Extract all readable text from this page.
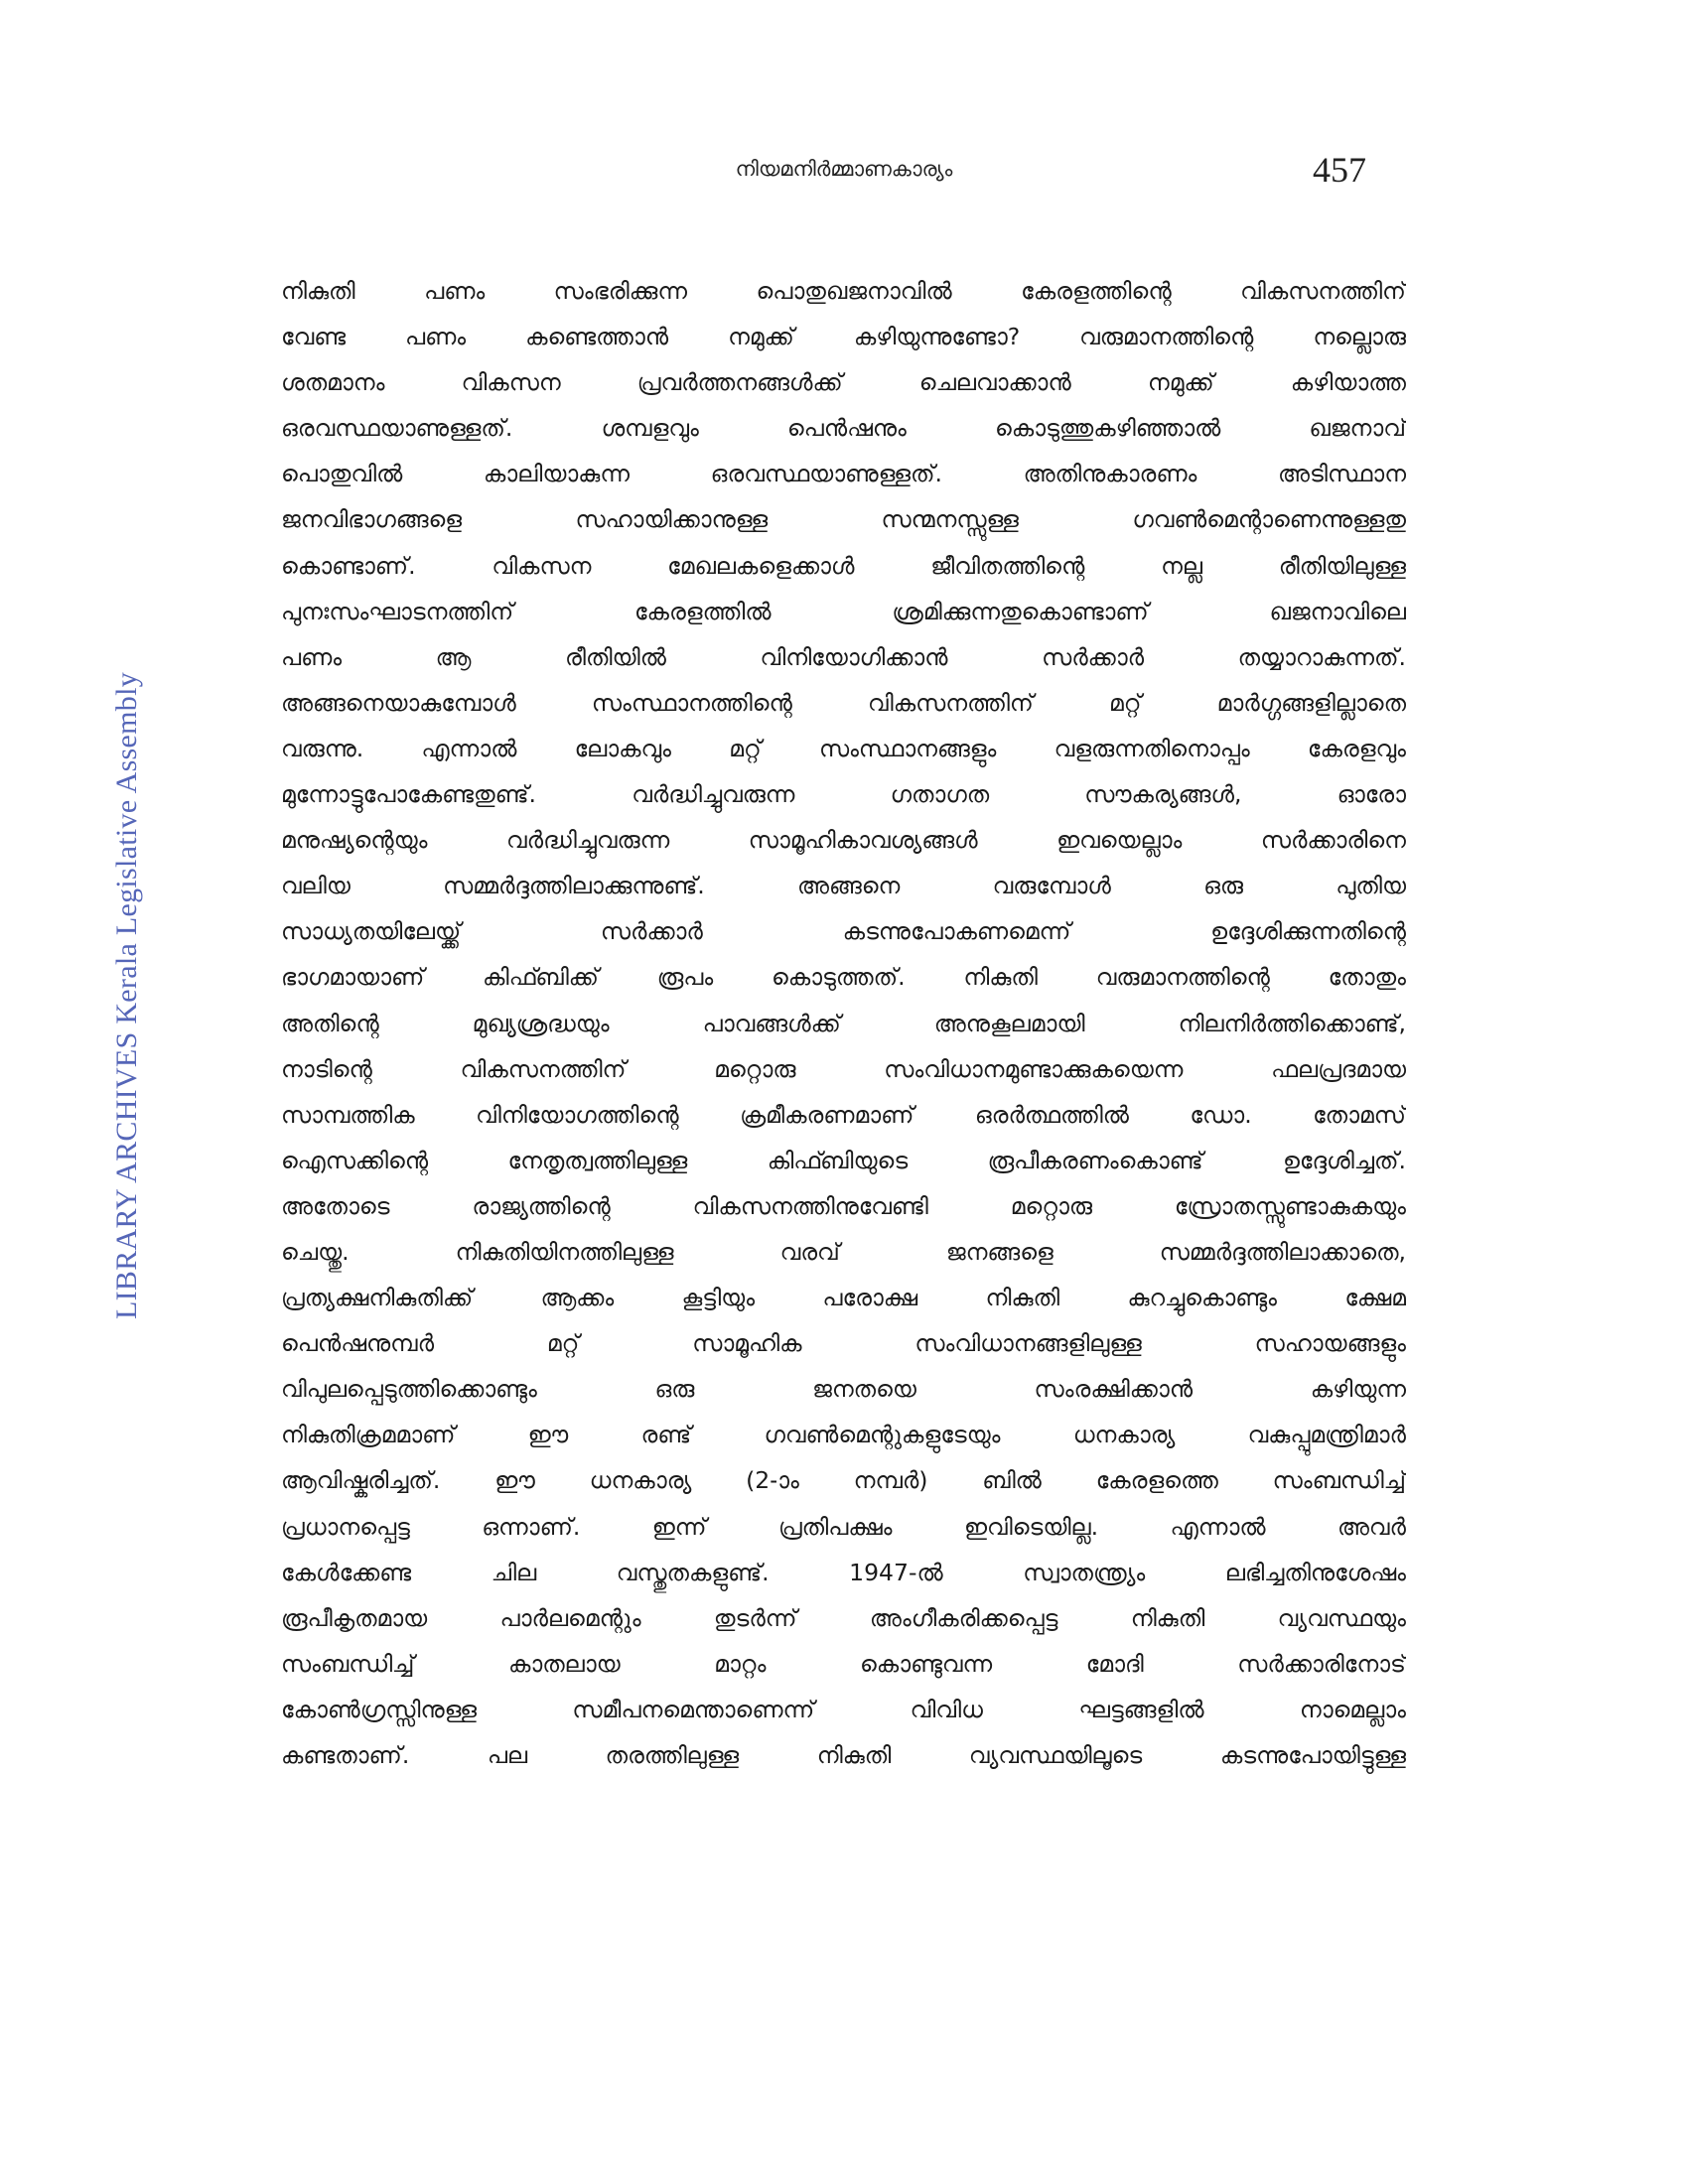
നിയമനിർമ്മാണകാര്യം	457
LIBRARY ARCHIVES Kerala Legislative Assembly
നികുതി പണം സംഭരിക്കുന്ന പൊതുഖജനാവിൽ കേരളത്തിന്റെ വികസനത്തിന്
വേണ്ട പണം കണ്ടെത്താൻ നമുക്ക് കഴിയുന്നുണ്ടോ? വരുമാനത്തിന്റെ നല്ലൊരു
ശതമാനം വികസന പ്രവർത്തനങ്ങൾക്ക് ചെലവാക്കാൻ നമുക്ക് കഴിയാത്ത
ഒരവസ്ഥയാണുള്ളത്. ശമ്പളവും പെൻഷനും കൊടുത്തുകഴിഞ്ഞാൽ ഖജനാവ്
പൊതുവിൽ കാലിയാകുന്ന ഒരവസ്ഥയാണുള്ളത്. അതിനുകാരണം അടിസ്ഥാന
ജനവിഭാഗങ്ങളെ സഹായിക്കാനുള്ള സന്മനസ്സുള്ള ഗവൺമെന്റാണെന്നുള്ളതു
കൊണ്ടാണ്. വികസന മേഖലകളെക്കാൾ ജീവിതത്തിന്റെ നല്ല രീതിയിലുള്ള
പുനഃസംഘാടനത്തിന് കേരളത്തിൽ ശ്രമിക്കുന്നതുകൊണ്ടാണ് ഖജനാവിലെ
പണം ആ രീതിയിൽ വിനിയോഗിക്കാൻ സർക്കാർ തയ്യാറാകുന്നത്.
അങ്ങനെയാകുമ്പോൾ സംസ്ഥാനത്തിന്റെ വികസനത്തിന് മറ്റ് മാർഗ്ഗങ്ങളില്ലാതെ
വരുന്നു. എന്നാൽ ലോകവും മറ്റ് സംസ്ഥാനങ്ങളും വളരുന്നതിനൊപ്പം കേരളവും
മുന്നോട്ടുപോകേണ്ടതുണ്ട്. വർദ്ധിച്ചുവരുന്ന ഗതാഗത സൗകര്യങ്ങൾ, ഓരോ
മനുഷ്യന്റെയും വർദ്ധിച്ചുവരുന്ന സാമൂഹികാവശ്യങ്ങൾ ഇവയെല്ലാം സർക്കാരിനെ
വലിയ സമ്മർദ്ദത്തിലാക്കുന്നുണ്ട്. അങ്ങനെ വരുമ്പോൾ ഒരു പുതിയ
സാധ്യതയിലേയ്ക്ക് സർക്കാർ കടന്നുപോകണമെന്ന് ഉദ്ദേശിക്കുന്നതിന്റെ
ഭാഗമായാണ് കിഫ്ബിക്ക് രൂപം കൊടുത്തത്. നികുതി വരുമാനത്തിന്റെ തോതും
അതിന്റെ മുഖ്യശ്രദ്ധയും പാവങ്ങൾക്ക് അനുകൂലമായി നിലനിർത്തിക്കൊണ്ട്,
നാടിന്റെ വികസനത്തിന് മറ്റൊരു സംവിധാനമുണ്ടാക്കുകയെന്ന ഫലപ്രദമായ
സാമ്പത്തിക വിനിയോഗത്തിന്റെ ക്രമീകരണമാണ് ഒരർത്ഥത്തിൽ ഡോ. തോമസ്
ഐസക്കിന്റെ നേതൃത്വത്തിലുള്ള കിഫ്ബിയുടെ രൂപീകരണംകൊണ്ട് ഉദ്ദേശിച്ചത്.
അതോടെ രാജ്യത്തിന്റെ വികസനത്തിനുവേണ്ടി മറ്റൊരു സ്രോതസ്സുണ്ടാകുകയും
ചെയ്തു. നികുതിയിനത്തിലുള്ള വരവ് ജനങ്ങളെ സമ്മർദ്ദത്തിലാക്കാതെ,
പ്രത്യക്ഷനികുതിക്ക് ആക്കം കൂട്ടിയും പരോക്ഷ നികുതി കുറച്ചുകൊണ്ടും ക്ഷേമ
പെൻഷനുമ്പർ മറ്റ് സാമൂഹിക സംവിധാനങ്ങളിലുള്ള സഹായങ്ങളും
വിപുലപ്പെടുത്തിക്കൊണ്ടും ഒരു ജനതയെ സംരക്ഷിക്കാൻ കഴിയുന്ന
നികുതിക്രമമാണ് ഈ രണ്ട് ഗവൺമെന്റുകളുടേയും ധനകാര്യ വകുപ്പുമന്ത്രിമാർ
ആവിഷ്കരിച്ചത്. ഈ ധനകാര്യ (2-ാം നമ്പർ) ബിൽ കേരളത്തെ സംബന്ധിച്ച്
പ്രധാനപ്പെട്ട ഒന്നാണ്. ഇന്ന് പ്രതിപക്ഷം ഇവിടെയില്ല. എന്നാൽ അവർ
കേൾക്കേണ്ട ചില വസ്തുതകളുണ്ട്. 1947-ൽ സ്വാതന്ത്ര്യം ലഭിച്ചതിനുശേഷം
രൂപീകൃതമായ പാർലമെന്റും തുടർന്ന് അംഗീകരിക്കപ്പെട്ട നികുതി വ്യവസ്ഥയും
സംബന്ധിച്ച് കാതലായ മാറ്റം കൊണ്ടുവന്ന മോദി സർക്കാരിനോട്
കോൺഗ്രസ്സിനുള്ള സമീപനമെന്താണെന്ന് വിവിധ ഘട്ടങ്ങളിൽ നാമെല്ലാം
കണ്ടതാണ്. പല തരത്തിലുള്ള നികുതി വ്യവസ്ഥയിലൂടെ കടന്നുപോയിട്ടുള്ള
